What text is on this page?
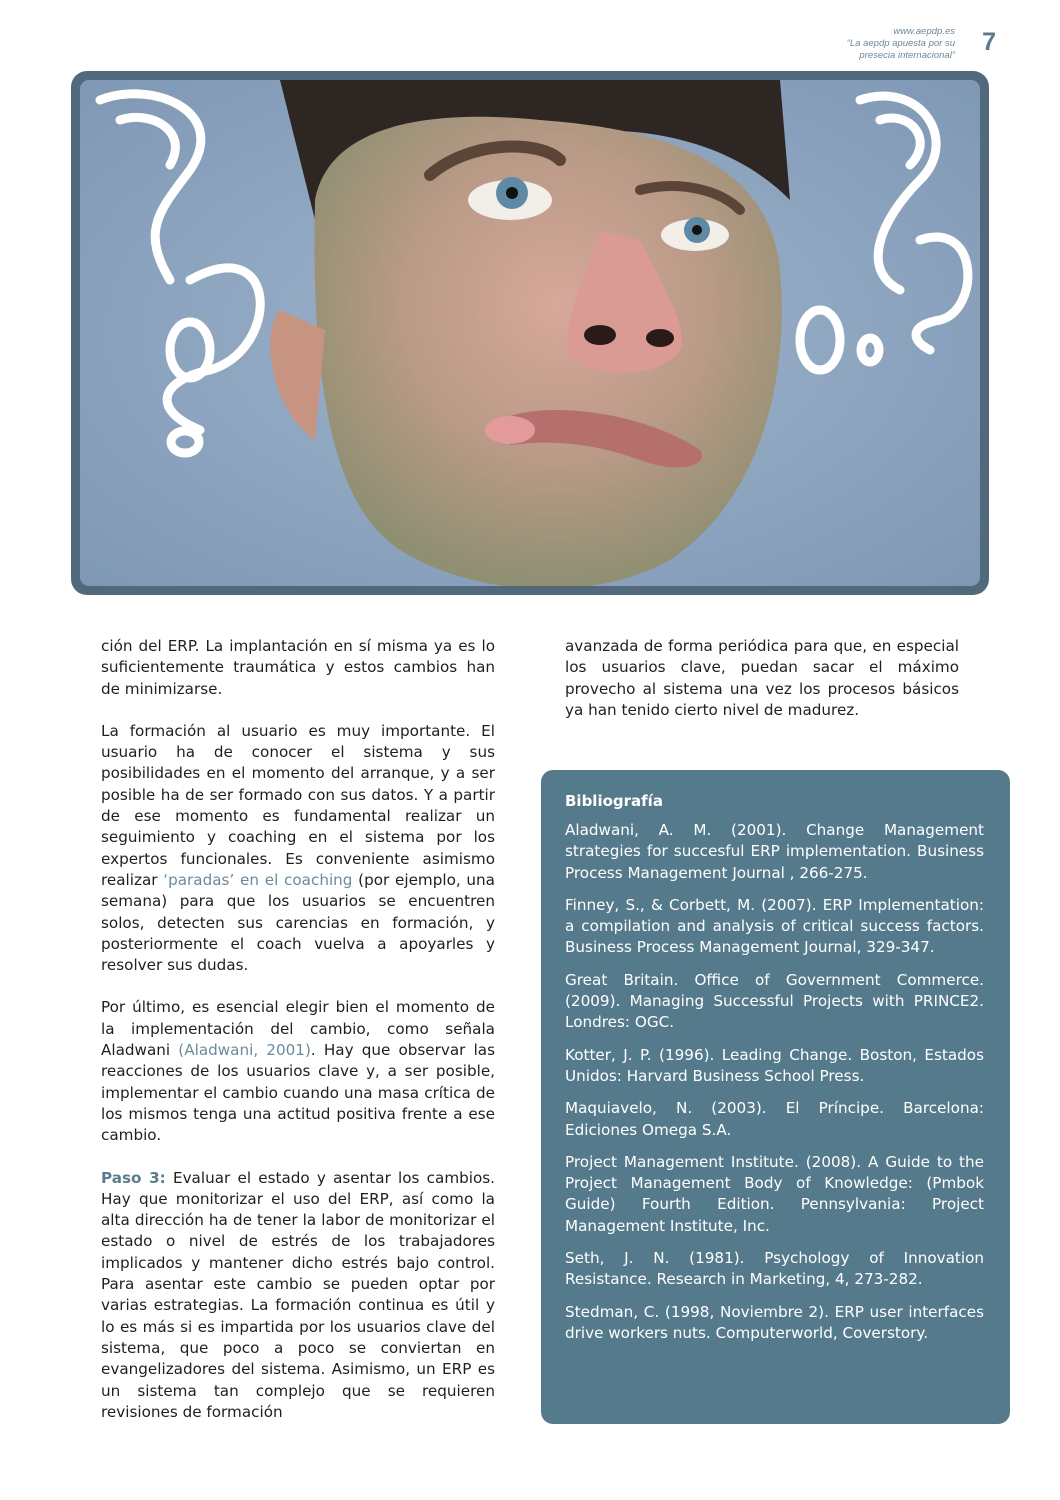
www.aepdp.es
“La aepdp apuesta por su
presecia internacional” 7

ción del ERP. La implantación en sí misma ya es lo suficientemente traumática y estos cambios han de minimizarse.

La formación al usuario es muy importante. El usuario ha de conocer el sistema y sus posibilidades en el momento del arranque, y a ser posible ha de ser formado con sus datos. Y a partir de ese momento es fundamental realizar un seguimiento y coaching en el sistema por los expertos funcionales. Es conveniente asimismo realizar ‘paradas’ en el coaching (por ejemplo, una semana) para que los usuarios se encuentren solos, detecten sus carencias en formación, y posteriormente el coach vuelva a apoyarles y resolver sus dudas.

Por último, es esencial elegir bien el momento de la implementación del cambio, como señala Aladwani (Aladwani, 2001). Hay que observar las reacciones de los usuarios clave y, a ser posible, implementar el cambio cuando una masa crítica de los mismos tenga una actitud positiva frente a ese cambio.

Paso 3: Evaluar el estado y asentar los cambios. Hay que monitorizar el uso del ERP, así como la alta dirección ha de tener la labor de monitorizar el estado o nivel de estrés de los trabajadores implicados y mantener dicho estrés bajo control. Para asentar este cambio se pueden optar por varias estrategias. La formación continua es útil y lo es más si es impartida por los usuarios clave del sistema, que poco a poco se conviertan en evangelizadores del sistema. Asimismo, un ERP es un sistema tan complejo que se requieren revisiones de formación

avanzada de forma periódica para que, en especial los usuarios clave, puedan sacar el máximo provecho al sistema una vez los procesos básicos ya han tenido cierto nivel de madurez.

Bibliografía
Aladwani, A. M. (2001). Change Management strategies for succesful ERP implementation. Business Process Management Journal , 266-275.
Finney, S., & Corbett, M. (2007). ERP Implementation: a compilation and analysis of critical success factors. Business Process Management Journal, 329-347.
Great Britain. Office of Government Commerce. (2009). Managing Successful Projects with PRINCE2. Londres: OGC.
Kotter, J. P. (1996). Leading Change. Boston, Estados Unidos: Harvard Business School Press.
Maquiavelo, N. (2003). El Príncipe. Barcelona: Ediciones Omega S.A.
Project Management Institute. (2008). A Guide to the Project Management Body of Knowledge: (Pmbok Guide) Fourth Edition. Pennsylvania: Project Management Institute, Inc.
Seth, J. N. (1981). Psychology of Innovation Resistance. Research in Marketing, 4, 273-282.
Stedman, C. (1998, Noviembre 2). ERP user interfaces drive workers nuts. Computerworld, Coverstory.
